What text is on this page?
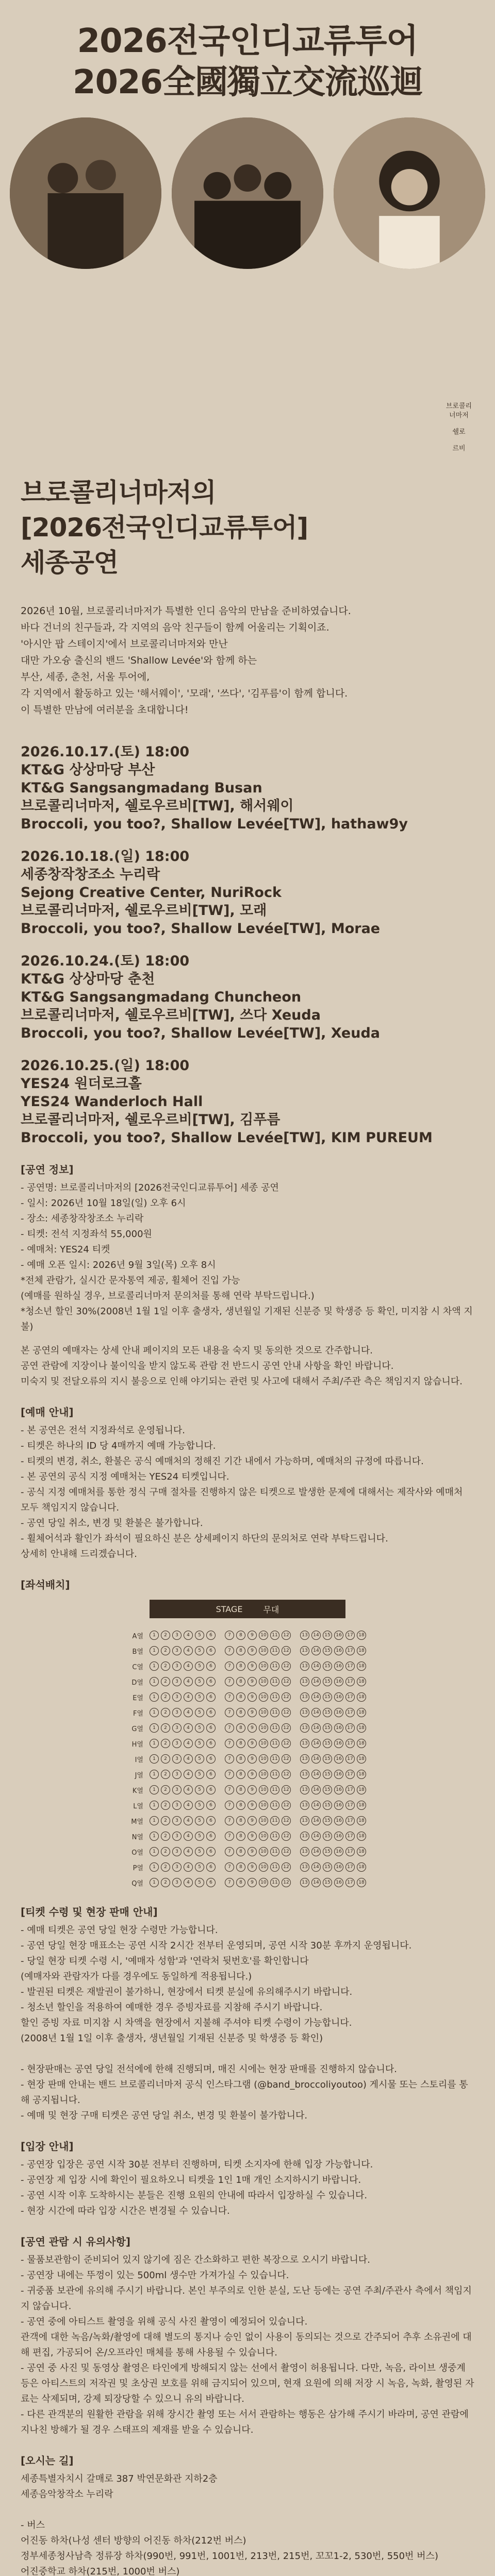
2026전국인디교류투어
2026全國獨立交流巡迴
브로콜리너마저
쉘로
르비
브로콜리너마저의
[2026전국인디교류투어]
세종공연

2026년 10월, 브로콜리너마저가 특별한 인디 음악의 만남을 준비하였습니다.

바다 건너의 친구들과, 각 지역의 음악 친구들이 함께 어울리는 기획이죠.

'아시안 팝 스테이지'에서 브로콜리너마저와 만난

대만 가오슝 출신의 밴드 'Shallow Levée'와 함께 하는

부산, 세종, 춘천, 서울 투어에,

각 지역에서 활동하고 있는 '해서웨이', '모래', '쓰다', '김푸름'이 함께 합니다.

이 특별한 만남에 여러분을 초대합니다!

2026.10.17.(토) 18:00
KT&G 상상마당 부산
KT&G Sangsangmadang Busan
브로콜리너마저, 쉘로우르비[TW], 해서웨이
Broccoli, you too?, Shallow Levée[TW], hathaw9y
2026.10.18.(일) 18:00
세종창작창조소 누리락
Sejong Creative Center, NuriRock
브로콜리너마저, 쉘로우르비[TW], 모래
Broccoli, you too?, Shallow Levée[TW], Morae
2026.10.24.(토) 18:00
KT&G 상상마당 춘천
KT&G Sangsangmadang Chuncheon
브로콜리너마저, 쉘로우르비[TW], 쓰다 Xeuda
Broccoli, you too?, Shallow Levée[TW], Xeuda
2026.10.25.(일) 18:00
YES24 원더로크홀
YES24 Wanderloch Hall
브로콜리너마저, 쉘로우르비[TW], 김푸름
Broccoli, you too?, Shallow Levée[TW], KIM PUREUM
[공연 정보]

- 공연명: 브로콜리너마저의 [2026전국인디교류투어] 세종 공연

- 일시: 2026년 10월 18일(일) 오후 6시

- 장소: 세종창작창조소 누리락

- 티켓: 전석 지정좌석 55,000원

- 예매처: YES24 티켓

- 예매 오픈 일시: 2026년 9월 3일(목) 오후 8시

*전체 관람가, 실시간 문자통역 제공, 휠체어 진입 가능

(예매를 원하실 경우, 브로콜리너마저 문의처를 통해 연락 부탁드립니다.)

*청소년 할인 30%(2008년 1월 1일 이후 출생자, 생년월일 기재된 신분증 및 학생증 등 확인, 미지참 시 차액 지불)

본 공연의 예매자는 상세 안내 페이지의 모든 내용을 숙지 및 동의한 것으로 간주합니다.

공연 관람에 지장이나 불이익을 받지 않도록 관람 전 반드시 공연 안내 사항을 확인 바랍니다.

미숙지 및 전달오류의 지시 불응으로 인해 야기되는 관련 및 사고에 대해서 주최/주관 측은 책임지지 않습니다.

[예매 안내]

- 본 공연은 전석 지정좌석로 운영됩니다.

- 티켓은 하나의 ID 당 4매까지 예매 가능합니다.

- 티켓의 변경, 취소, 환불은 공식 예매처의 정해진 기간 내에서 가능하며, 예매처의 규정에 따릅니다.

- 본 공연의 공식 지정 예매처는 YES24 티켓입니다.

- 공식 지정 예매처를 통한 정식 구매 절차를 진행하지 않은 티켓으로 발생한 문제에 대해서는 제작사와 예매처 모두 책임지지 않습니다.

- 공연 당일 취소, 변경 및 환불은 불가합니다.

- 휠체어석과 활인가 좌석이 필요하신 분은 상세페이지 하단의 문의처로 연락 부탁드립니다.

상세히 안내해 드리겠습니다.

[좌석배치]
STAGE	무대
A열	1	2	3	4	5	6	7	8	9	10	11	12	13	14	15	16	17	18
B열	1	2	3	4	5	6	7	8	9	10	11	12	13	14	15	16	17	18
C열	1	2	3	4	5	6	7	8	9	10	11	12	13	14	15	16	17	18
D열	1	2	3	4	5	6	7	8	9	10	11	12	13	14	15	16	17	18
E열	1	2	3	4	5	6	7	8	9	10	11	12	13	14	15	16	17	18
F열	1	2	3	4	5	6	7	8	9	10	11	12	13	14	15	16	17	18
G열	1	2	3	4	5	6	7	8	9	10	11	12	13	14	15	16	17	18
H열	1	2	3	4	5	6	7	8	9	10	11	12	13	14	15	16	17	18
I열	1	2	3	4	5	6	7	8	9	10	11	12	13	14	15	16	17	18
J열	1	2	3	4	5	6	7	8	9	10	11	12	13	14	15	16	17	18
K열	1	2	3	4	5	6	7	8	9	10	11	12	13	14	15	16	17	18
L열	1	2	3	4	5	6	7	8	9	10	11	12	13	14	15	16	17	18
M열	1	2	3	4	5	6	7	8	9	10	11	12	13	14	15	16	17	18
N열	1	2	3	4	5	6	7	8	9	10	11	12	13	14	15	16	17	18
O열	1	2	3	4	5	6	7	8	9	10	11	12	13	14	15	16	17	18
P열	1	2	3	4	5	6	7	8	9	10	11	12	13	14	15	16	17	18
Q열	1	2	3	4	5	6	7	8	9	10	11	12	13	14	15	16	17	18
[티켓 수령 및 현장 판매 안내]

- 예매 티켓은 공연 당일 현장 수령만 가능합니다.

- 공연 당일 현장 매표소는 공연 시작 2시간 전부터 운영되며, 공연 시작 30분 후까지 운영됩니다.

- 당일 현장 티켓 수령 시, '예매자 성함'과 '연락처 뒷번호'를 확인합니다

(예매자와 관람자가 다를 경우에도 동일하게 적용됩니다.)

- 발권된 티켓은 재발권이 불가하니, 현장에서 티켓 분실에 유의해주시기 바랍니다.

- 청소년 할인을 적용하여 예매한 경우 증빙자료를 지참해 주시기 바랍니다.

할인 증빙 자료 미지참 시 차액을 현장에서 지불해 주셔야 티켓 수령이 가능합니다.

(2008년 1월 1일 이후 출생자, 생년월일 기재된 신분증 및 학생증 등 확인)

- 현장판매는 공연 당일 전석에에 한해 진행되며, 매진 시에는 현장 판매를 진행하지 않습니다.

- 현장 판매 안내는 밴드 브로콜리너마저 공식 인스타그램 (@band_broccoliyoutoo) 게시물 또는 스토리를 통해 공지됩니다.

- 예매 및 현장 구매 티켓은 공연 당일 취소, 변경 및 환불이 불가합니다.

[입장 안내]

- 공연장 입장은 공연 시작 30분 전부터 진행하며, 티켓 소지자에 한해 입장 가능합니다.

- 공연장 제 입장 시에 확인이 필요하오니 티켓을 1인 1매 개인 소지하시기 바랍니다.

- 공연 시작 이후 도착하시는 분들은 진행 요원의 안내에 따라서 입장하실 수 있습니다.

- 현장 시간에 따라 입장 시간은 변경될 수 있습니다.

[공연 관람 시 유의사항]

- 물품보관함이 준비되어 있지 않기에 짐은 간소화하고 편한 복장으로 오시기 바랍니다.

- 공연장 내에는 뚜껑이 있는 500ml 생수만 가져가실 수 있습니다.

- 귀중품 보관에 유의해 주시기 바랍니다. 본인 부주의로 인한 분실, 도난 등에는 공연 주최/주관사 측에서 책임지지 않습니다.

- 공연 중에 아티스트 촬영을 위해 공식 사진 촬영이 예정되어 있습니다.

관객에 대한 녹음/녹화/촬영에 대해 별도의 통지나 승인 없이 사용이 동의되는 것으로 간주되어 추후 소유권에 대해 편집, 가공되어 온/오프라인 매체를 통해 사용될 수 있습니다.

- 공연 중 사진 및 동영상 촬영은 타인에게 방해되지 않는 선에서 촬영이 허용됩니다. 다만, 녹음, 라이브 생중계 등은 아티스트의 저작권 및 초상권 보호를 위해 금지되어 있으며, 현재 요원에 의해 저장 시 녹음, 녹화, 촬영된 자료는 삭제되며, 강제 퇴장당할 수 있으니 유의 바랍니다.

- 다른 관객분의 원활한 관람을 위해 장시간 촬영 또는 서서 관람하는 행동은 삼가해 주시기 바라며, 공연 관람에 지나친 방해가 될 경우 스태프의 제재를 받을 수 있습니다.

[오시는 길]

세종특별자치시 갈매로 387 박연문화관 지하2층

세종음악창작소 누리락

- 버스

어진동 하차(나성 센터 방향의 어진동 하차(212번 버스)

정부세종청사남측 정류장 하차(990번, 991번, 1001번, 213번, 215번, 꼬꼬1-2, 530번, 550번 버스)

어진중학교 하차(215번, 1000번 버스)
